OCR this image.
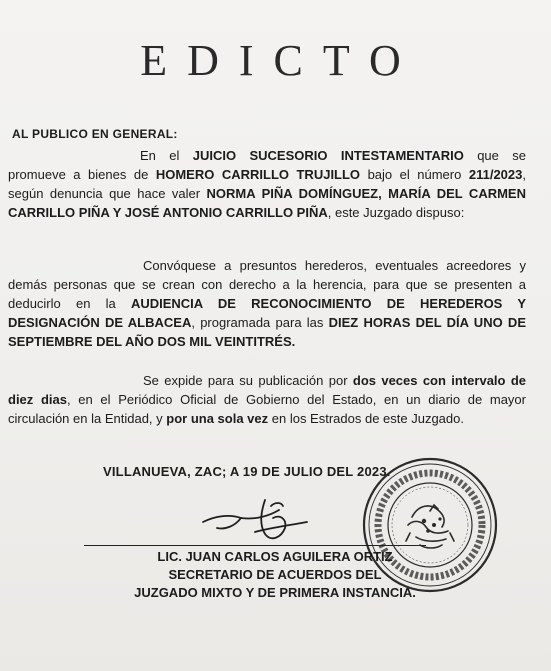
EDICTO
AL PUBLICO EN GENERAL:
En el JUICIO SUCESORIO INTESTAMENTARIO que se promueve a bienes de HOMERO CARRILLO TRUJILLO bajo el número 211/2023, según denuncia que hace valer NORMA PIÑA DOMÍNGUEZ, MARÍA DEL CARMEN CARRILLO PIÑA Y JOSÉ ANTONIO CARRILLO PIÑA, este Juzgado dispuso:
Convóquese a presuntos herederos, eventuales acreedores y demás personas que se crean con derecho a la herencia, para que se presenten a deducirlo en la AUDIENCIA DE RECONOCIMIENTO DE HEREDEROS Y DESIGNACIÓN DE ALBACEA, programada para las DIEZ HORAS DEL DÍA UNO DE SEPTIEMBRE DEL AÑO DOS MIL VEINTITRÉS.
Se expide para su publicación por dos veces con intervalo de diez dias, en el Periódico Oficial de Gobierno del Estado, en un diario de mayor circulación en la Entidad, y por una sola vez en los Estrados de este Juzgado.
VILLANUEVA, ZAC; A 19 DE JULIO DEL 2023.
LIC. JUAN CARLOS AGUILERA ORTIZ
SECRETARIO DE ACUERDOS DEL
JUZGADO MIXTO Y DE PRIMERA INSTANCIA.
